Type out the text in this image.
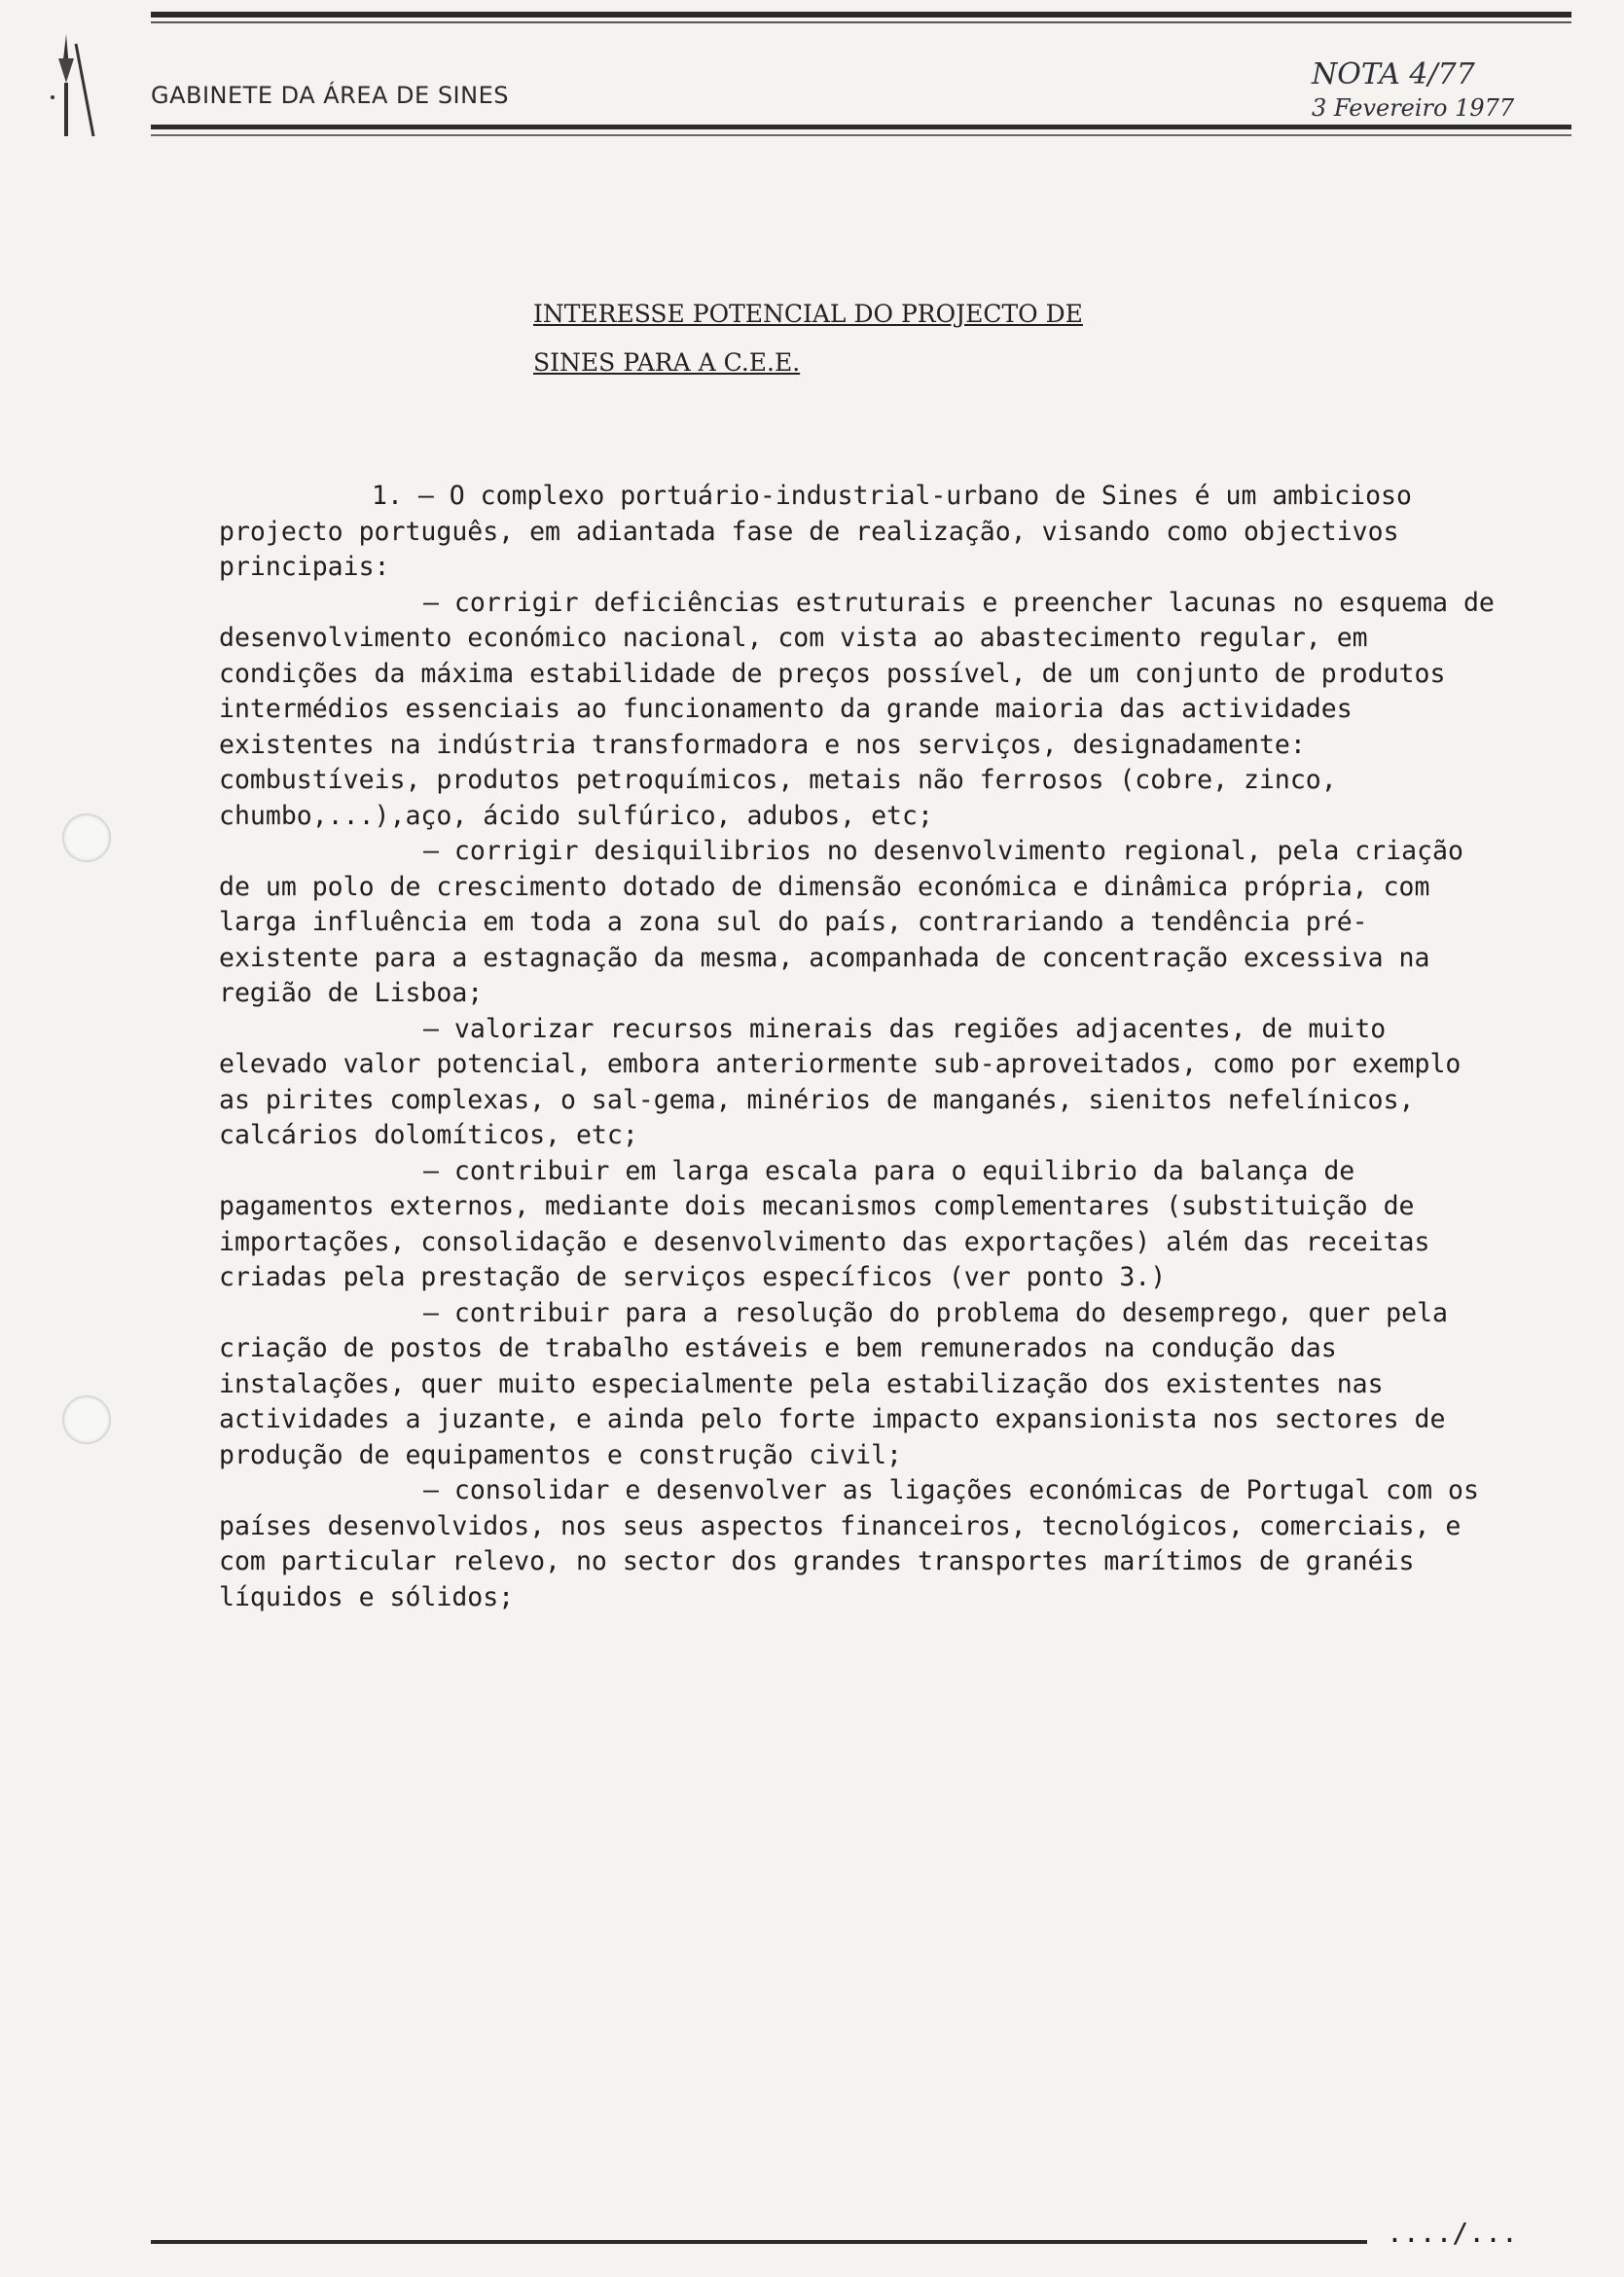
GABINETE DA ÁREA DE SINES
NOTA 4/77
3 Fevereiro 1977
INTERESSE POTENCIAL DO PROJECTO DE
SINES PARA A C.E.E.

1. – O complexo portuário-industrial-urbano de Sines é um ambicioso projecto português, em adiantada fase de realização, visando como objectivos principais:

– corrigir deficiências estruturais e preencher lacunas no esquema de desenvolvimento económico nacional, com vista ao abastecimento regular, em condições da máxima estabilidade de preços possível, de um conjunto de produtos intermédios essenciais ao funcionamento da grande maioria das actividades existentes na indústria transformadora e nos serviços, designadamente: combustíveis, produtos petroquímicos, metais não ferrosos (cobre, zinco, chumbo,...),aço, ácido sulfúrico, adubos, etc;

– corrigir desiquilibrios no desenvolvimento regional, pela criação de um polo de crescimento dotado de dimensão económica e dinâmica própria, com larga influência em toda a zona sul do país, contrariando a tendência pré-existente para a estagnação da mesma, acompanhada de concentração excessiva na região de Lisboa;

– valorizar recursos minerais das regiões adjacentes, de muito elevado valor potencial, embora anteriormente sub-aproveitados, como por exemplo as pirites complexas, o sal-gema, minérios de manganés, sienitos nefelínicos, calcários dolomíticos, etc;

– contribuir em larga escala para o equilibrio da balança de pagamentos externos, mediante dois mecanismos complementares (substituição de importações, consolidação e desenvolvimento das exportações) além das receitas criadas pela prestação de serviços específicos (ver ponto 3.)

– contribuir para a resolução do problema do desemprego, quer pela criação de postos de trabalho estáveis e bem remunerados na condução das instalações, quer muito especialmente pela estabilização dos existentes nas actividades a juzante, e ainda pelo forte impacto expansionista nos sectores de produção de equipamentos e construção civil;

– consolidar e desenvolver as ligações económicas de Portugal com os países desenvolvidos, nos seus aspectos financeiros, tecnológicos, comerciais, e com particular relevo, no sector dos grandes transportes marítimos de granéis líquidos e sólidos;

..../...
